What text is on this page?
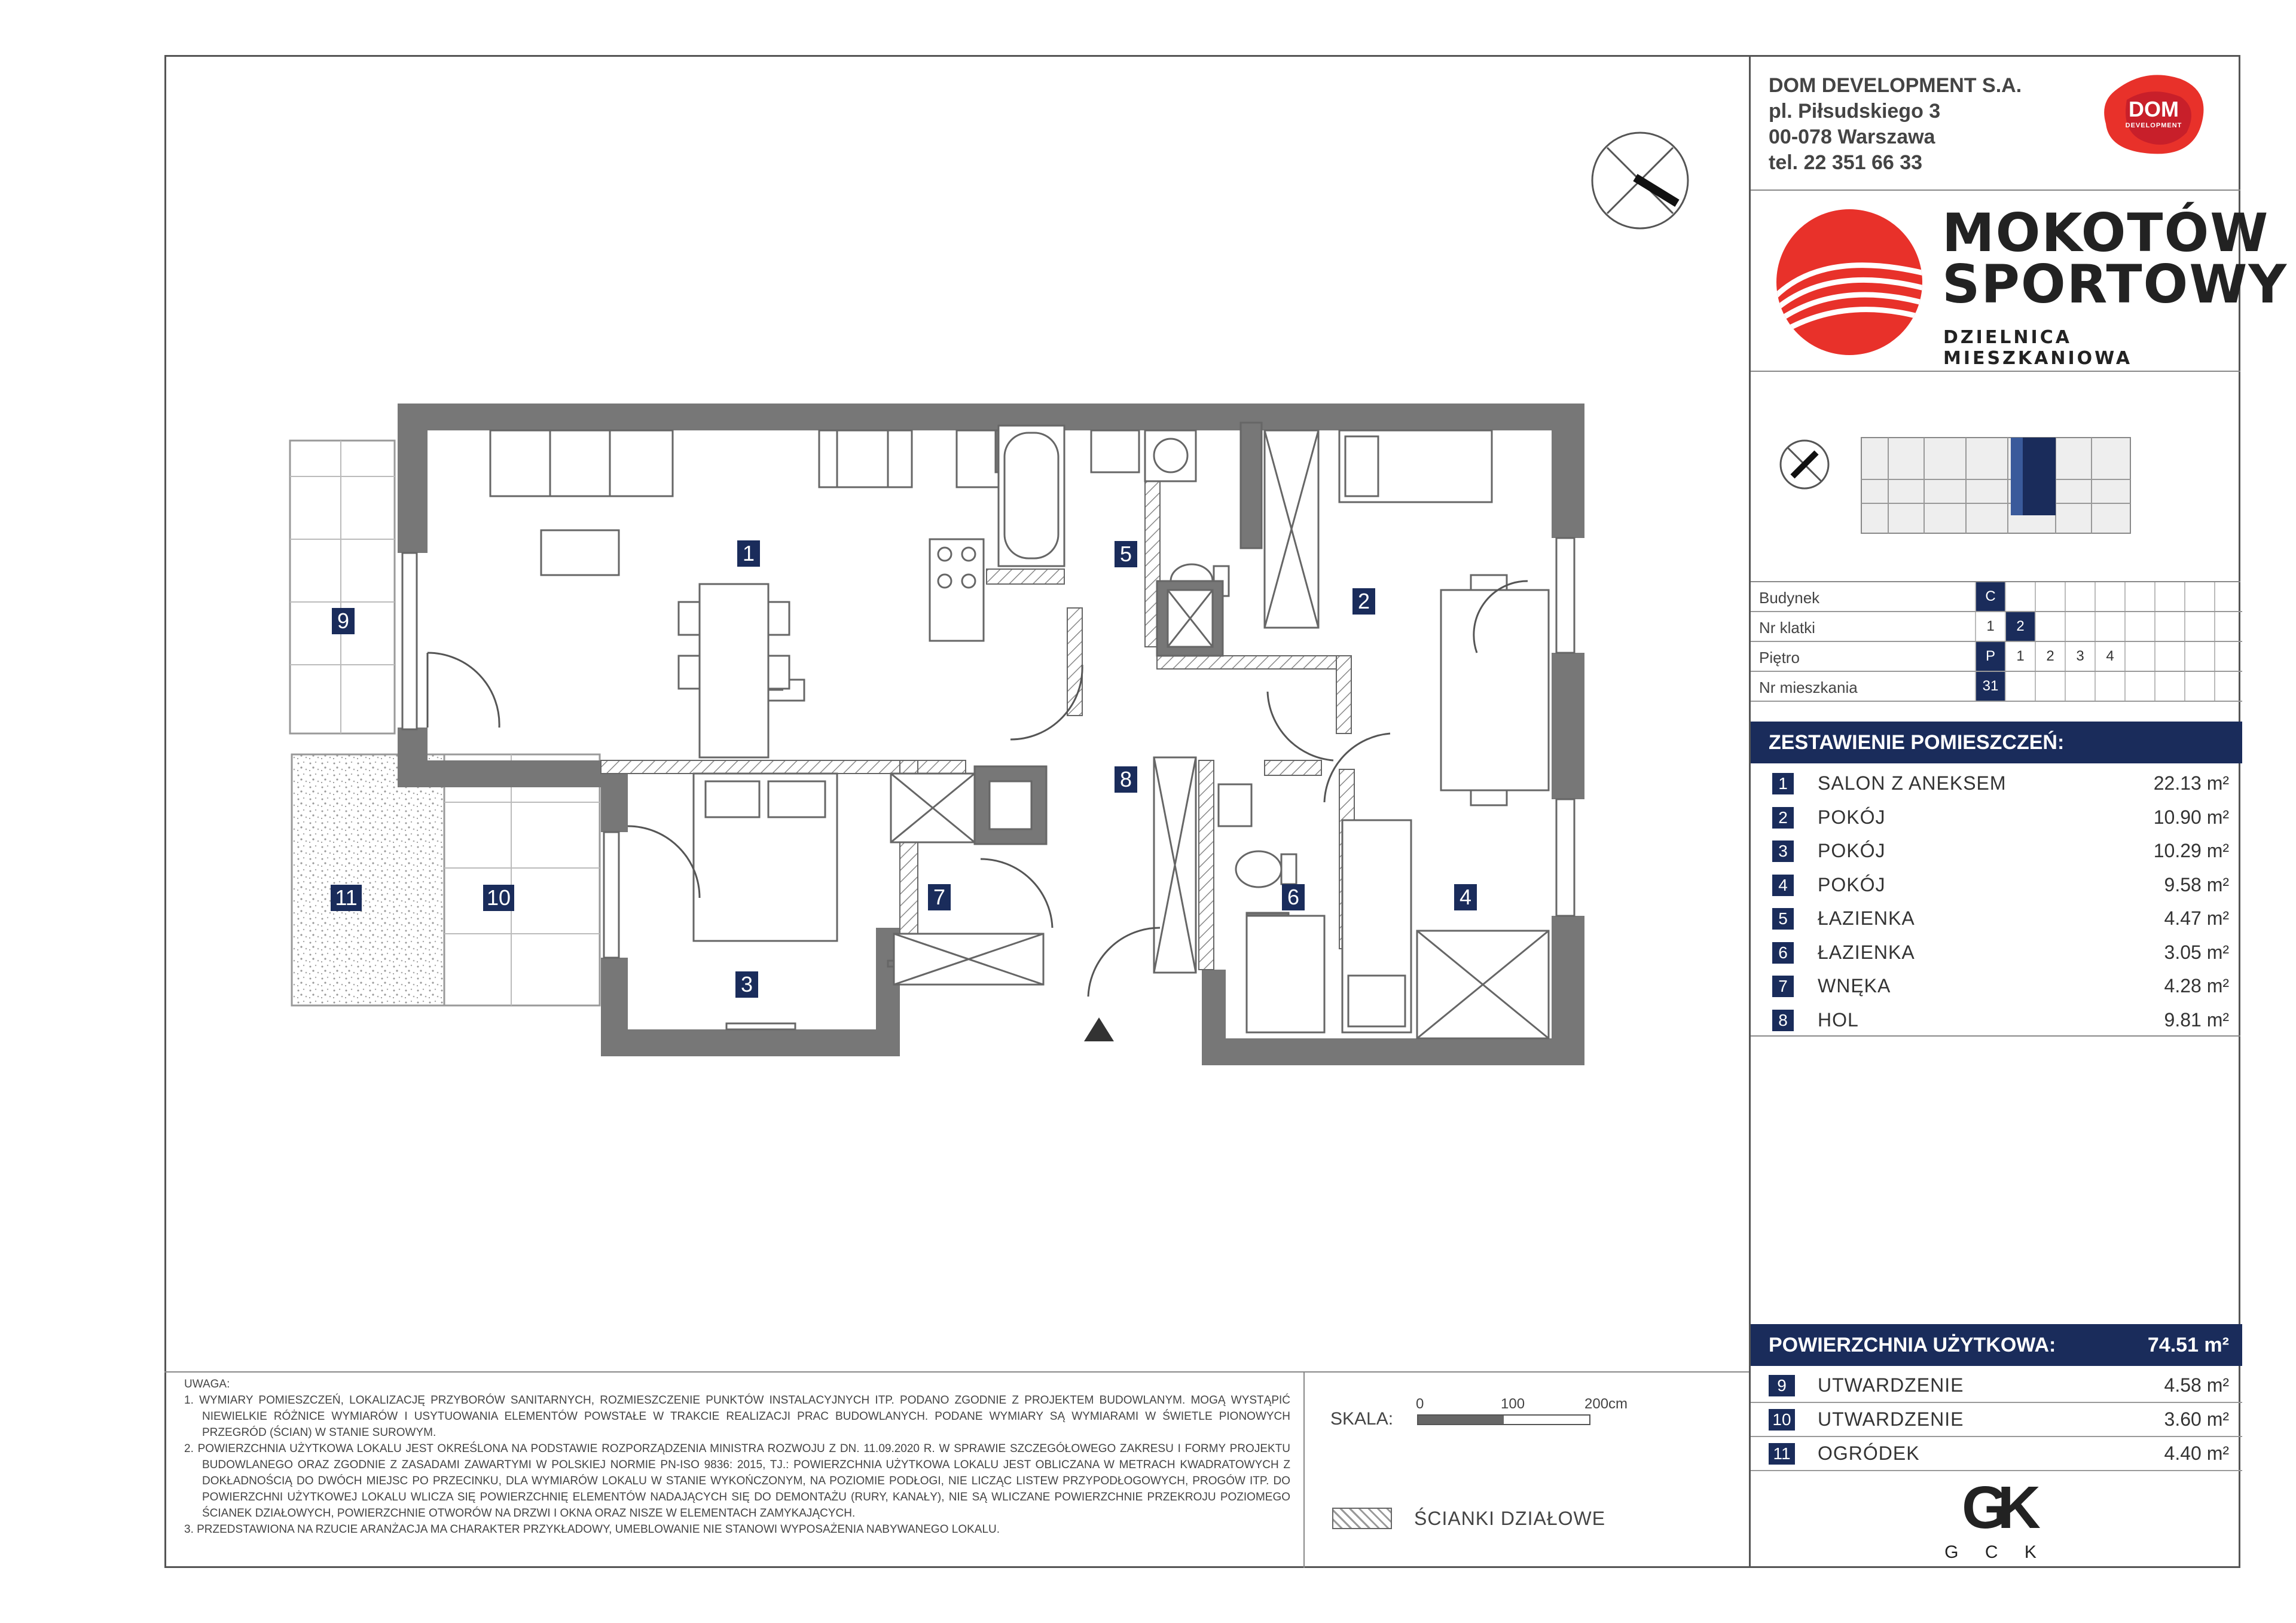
1
2
3
4
5
6
7
8
9
10
11
DOM DEVELOPMENT S.A.
pl. Piłsudskiego 3
00-078 Warszawa
tel. 22 351 66 33
DOM
DEVELOPMENT
MOKOTÓW
SPORTOWY
DZIELNICA MIESZKANIOWA
Budynek	C
Nr klatki	1	2
Piętro	P	1	2	3	4
Nr mieszkania	31
ZESTAWIENIE POMIESZCZEŃ:
1	SALON Z ANEKSEM	22.13 m²
2	POKÓJ	10.90 m²
3	POKÓJ	10.29 m²
4	POKÓJ	9.58 m²
5	ŁAZIENKA	4.47 m²
6	ŁAZIENKA	3.05 m²
7	WNĘKA	4.28 m²
8	HOL	9.81 m²
POWIERZCHNIA UŻYTKOWA:	74.51 m²
9	UTWARDZENIE	4.58 m²
10 UTWARDZENIE	3.60 m²
11 OGRÓDEK	4.40 m²
GK
G C K

UWAGA:

1. WYMIARY POMIESZCZEŃ, LOKALIZACJĘ PRZYBORÓW SANITARNYCH, ROZMIESZCZENIE PUNKTÓW INSTALACYJNYCH ITP. PODANO ZGODNIE Z PROJEKTEM BUDOWLANYM. MOGĄ WYSTĄPIĆ NIEWIELKIE RÓŻNICE WYMIARÓW I USYTUOWANIA ELEMENTÓW POWSTAŁE W TRAKCIE REALIZACJI PRAC BUDOWLANYCH. PODANE WYMIARY SĄ WYMIARAMI W ŚWIETLE PIONOWYCH PRZEGRÓD (ŚCIAN) W STANIE SUROWYM.

2. POWIERZCHNIA UŻYTKOWA LOKALU JEST OKREŚLONA NA PODSTAWIE ROZPORZĄDZENIA MINISTRA ROZWOJU Z DN. 11.09.2020 R. W SPRAWIE SZCZEGÓŁOWEGO ZAKRESU I FORMY PROJEKTU BUDOWLANEGO ORAZ ZGODNIE Z ZASADAMI ZAWARTYMI W POLSKIEJ NORMIE PN-ISO 9836: 2015, TJ.: POWIERZCHNIA UŻYTKOWA LOKALU JEST OBLICZANA W METRACH KWADRATOWYCH Z DOKŁADNOŚCIĄ DO DWÓCH MIEJSC PO PRZECINKU, DLA WYMIARÓW LOKALU W STANIE WYKOŃCZONYM, NA POZIOMIE PODŁOGI, NIE LICZĄC LISTEW PRZYPODŁOGOWYCH, PROGÓW ITP. DO POWIERZCHNI UŻYTKOWEJ LOKALU WLICZA SIĘ POWIERZCHNIĘ ELEMENTÓW NADAJĄCYCH SIĘ DO DEMONTAŻU (RURY, KANAŁY), NIE SĄ WLICZANE POWIERZCHNIE PRZEKROJU POZIOMEGO ŚCIANEK DZIAŁOWYCH, POWIERZCHNIE OTWORÓW NA DRZWI I OKNA ORAZ NISZE W ELEMENTACH ZAMYKAJĄCYCH.

3. PRZEDSTAWIONA NA RZUCIE ARANŻACJA MA CHARAKTER PRZYKŁADOWY, UMEBLOWANIE NIE STANOWI WYPOSAŻENIA NABYWANEGO LOKALU.

SKALA:
0	100	200cm
ŚCIANKI DZIAŁOWE
